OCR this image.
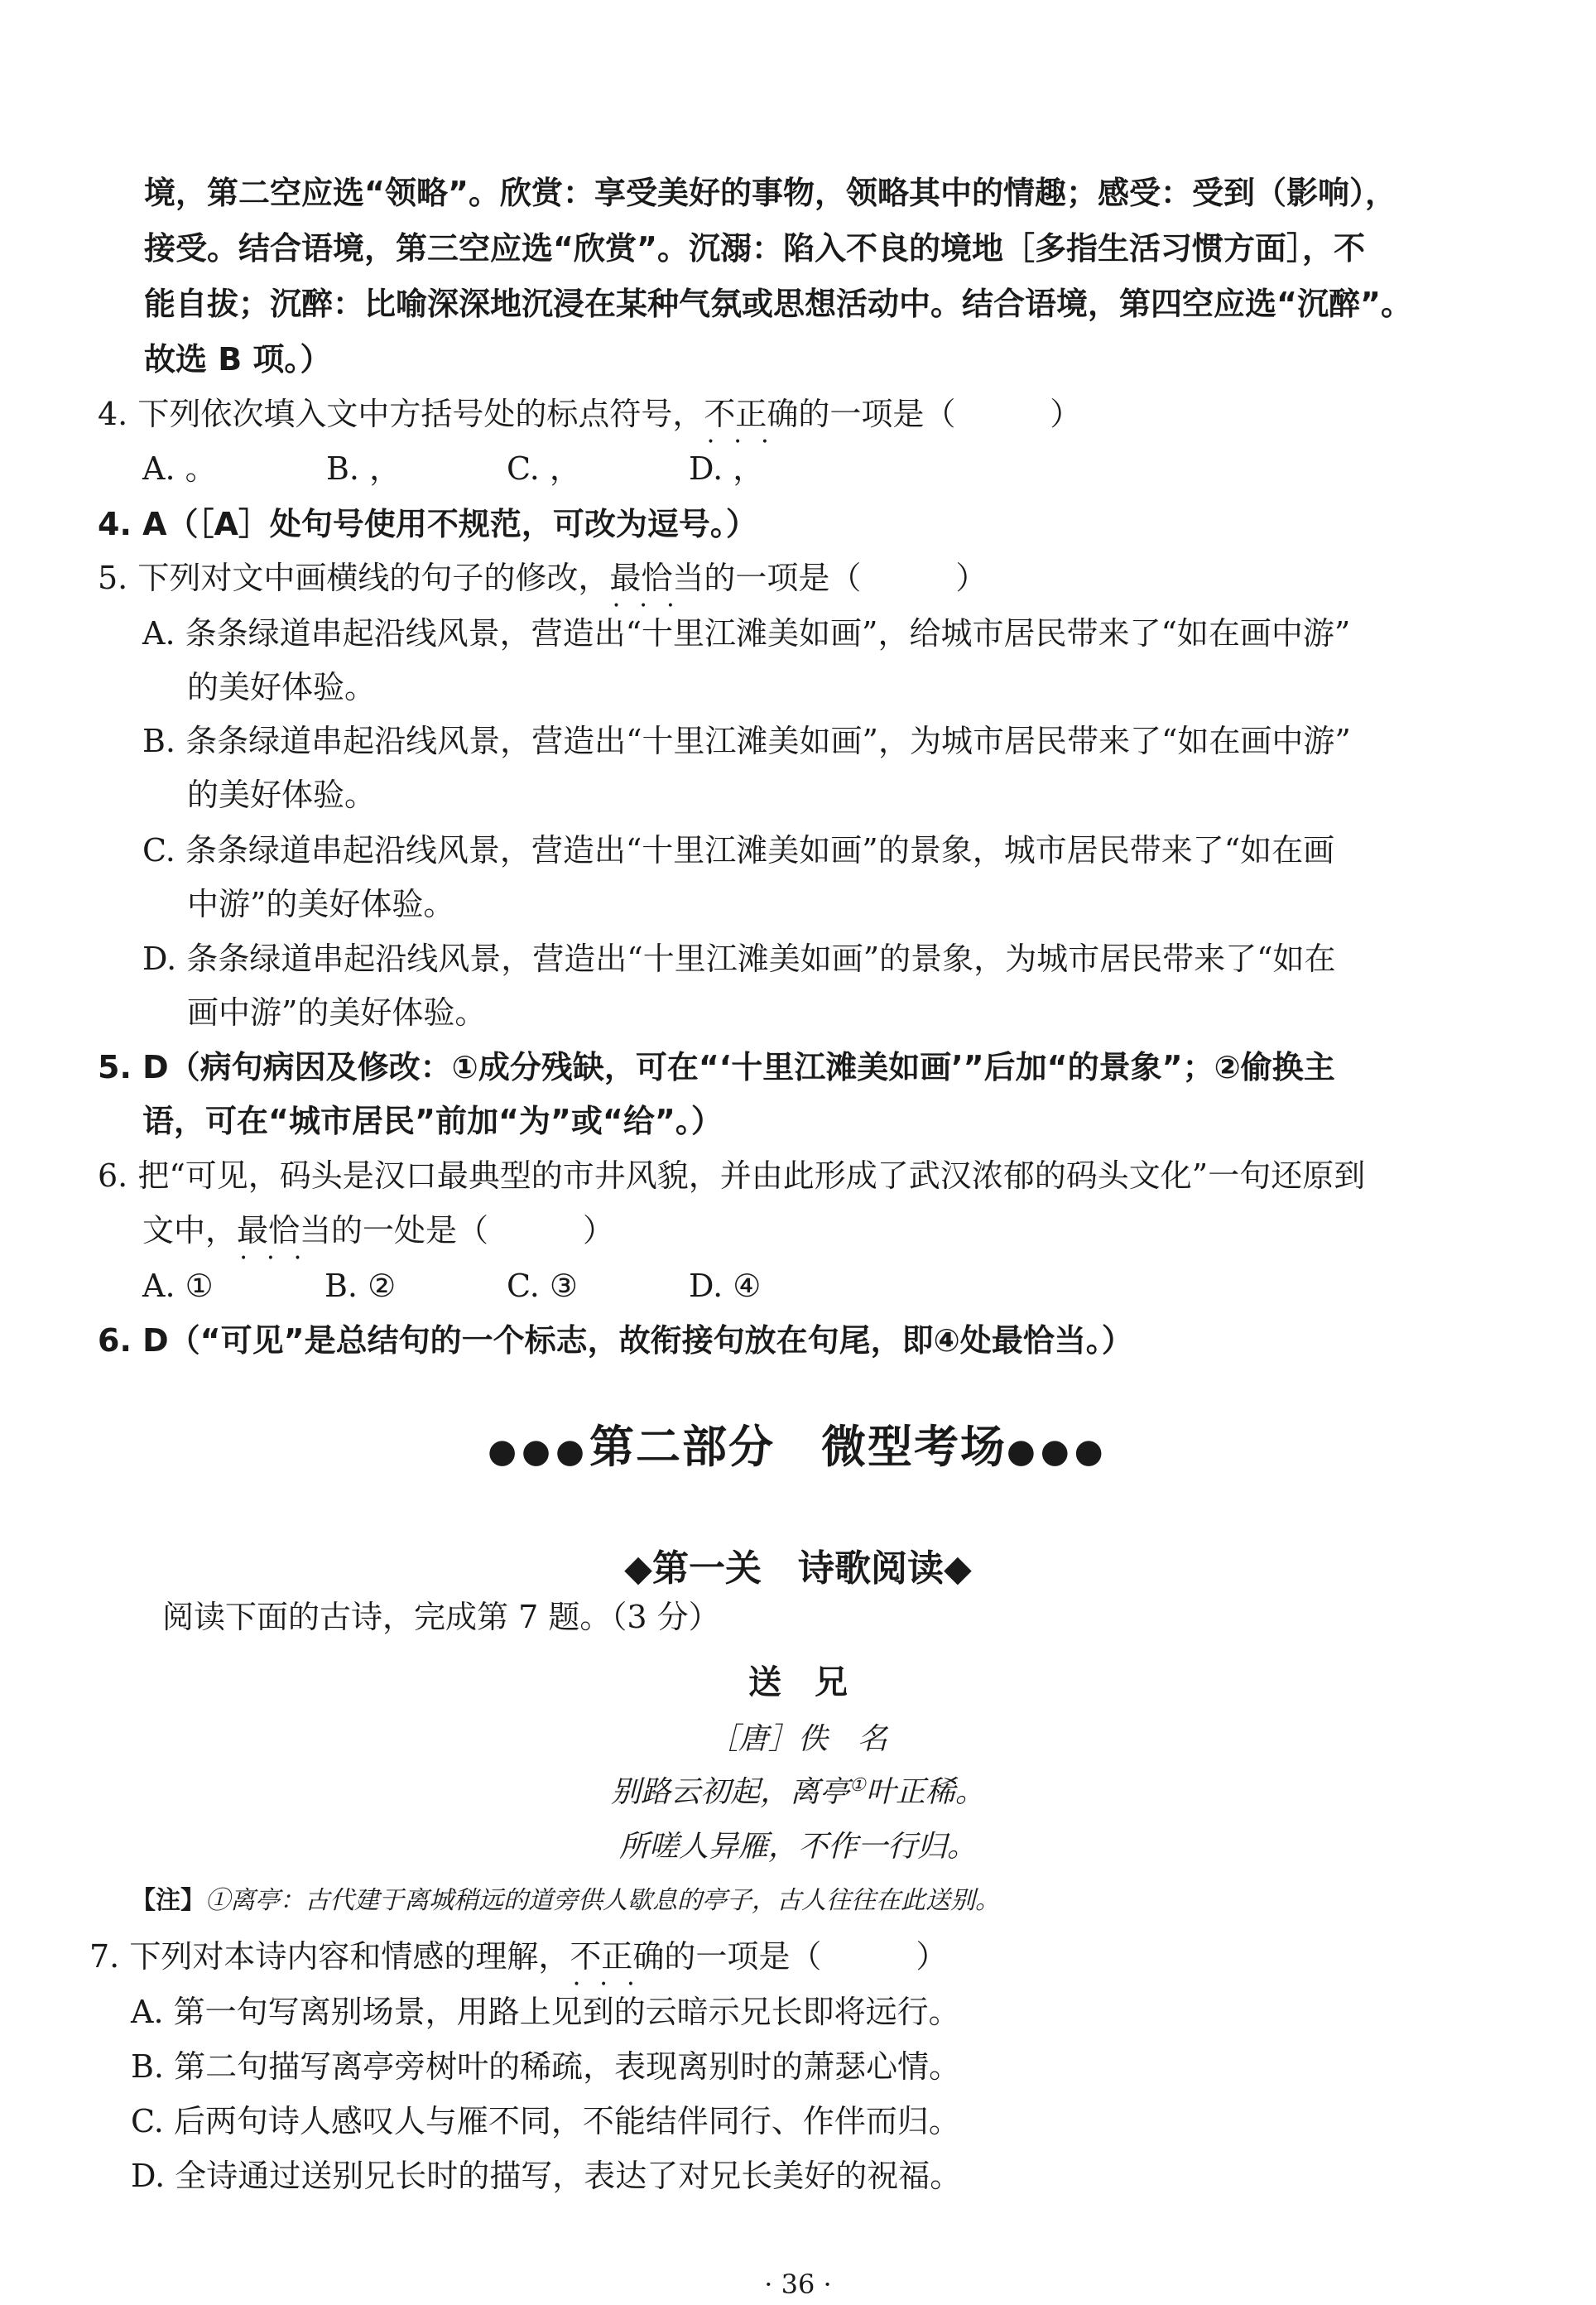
境，第二空应选“领略”。欣赏：享受美好的事物，领略其中的情趣；感受：受到（影响），
接受。结合语境，第三空应选“欣赏”。沉溺：陷入不良的境地［多指生活习惯方面］，不
能自拔；沉醉：比喻深深地沉浸在某种气氛或思想活动中。结合语境，第四空应选“沉醉”。
故选 B 项。）
4. 下列依次填入文中方括号处的标点符号，不正确 • • •的一项是（　　　）
A. 。	B. ，	C. ，	D. ，
4. A（［A］处句号使用不规范，可改为逗号。）
5. 下列对文中画横线的句子的修改，最恰当 • • •的一项是（　　　）
A. 条条绿道串起沿线风景，营造出“十里江滩美如画”，给城市居民带来了“如在画中游”
的美好体验。
B. 条条绿道串起沿线风景，营造出“十里江滩美如画”，为城市居民带来了“如在画中游”
的美好体验。
C. 条条绿道串起沿线风景，营造出“十里江滩美如画”的景象，城市居民带来了“如在画
中游”的美好体验。
D. 条条绿道串起沿线风景，营造出“十里江滩美如画”的景象，为城市居民带来了“如在
画中游”的美好体验。
5. D（病句病因及修改：①成分残缺，可在“‘十里江滩美如画’”后加“的景象”；②偷换主
语，可在“城市居民”前加“为”或“给”。）
6. 把“可见，码头是汉口最典型的市井风貌，并由此形成了武汉浓郁的码头文化”一句还原到
文中，最恰当 • • •的一处是（　　　）
A. ①	B. ②	C. ③	D. ④
6. D（“可见”是总结句的一个标志，故衔接句放在句尾，即④处最恰当。）
●●●第二部分　微型考场●●●
◆第一关　诗歌阅读◆
阅读下面的古诗，完成第 7 题。（3 分）
送　兄
［唐］佚　名
别路云初起，离亭①叶正稀。
所嗟人异雁，不作一行归。
【注】①离亭：古代建于离城稍远的道旁供人歇息的亭子，古人往往在此送别。
7. 下列对本诗内容和情感的理解，不正确 • • •的一项是（　　　）
A. 第一句写离别场景，用路上见到的云暗示兄长即将远行。
B. 第二句描写离亭旁树叶的稀疏，表现离别时的萧瑟心情。
C. 后两句诗人感叹人与雁不同，不能结伴同行、作伴而归。
D. 全诗通过送别兄长时的描写，表达了对兄长美好的祝福。
· 36 ·
